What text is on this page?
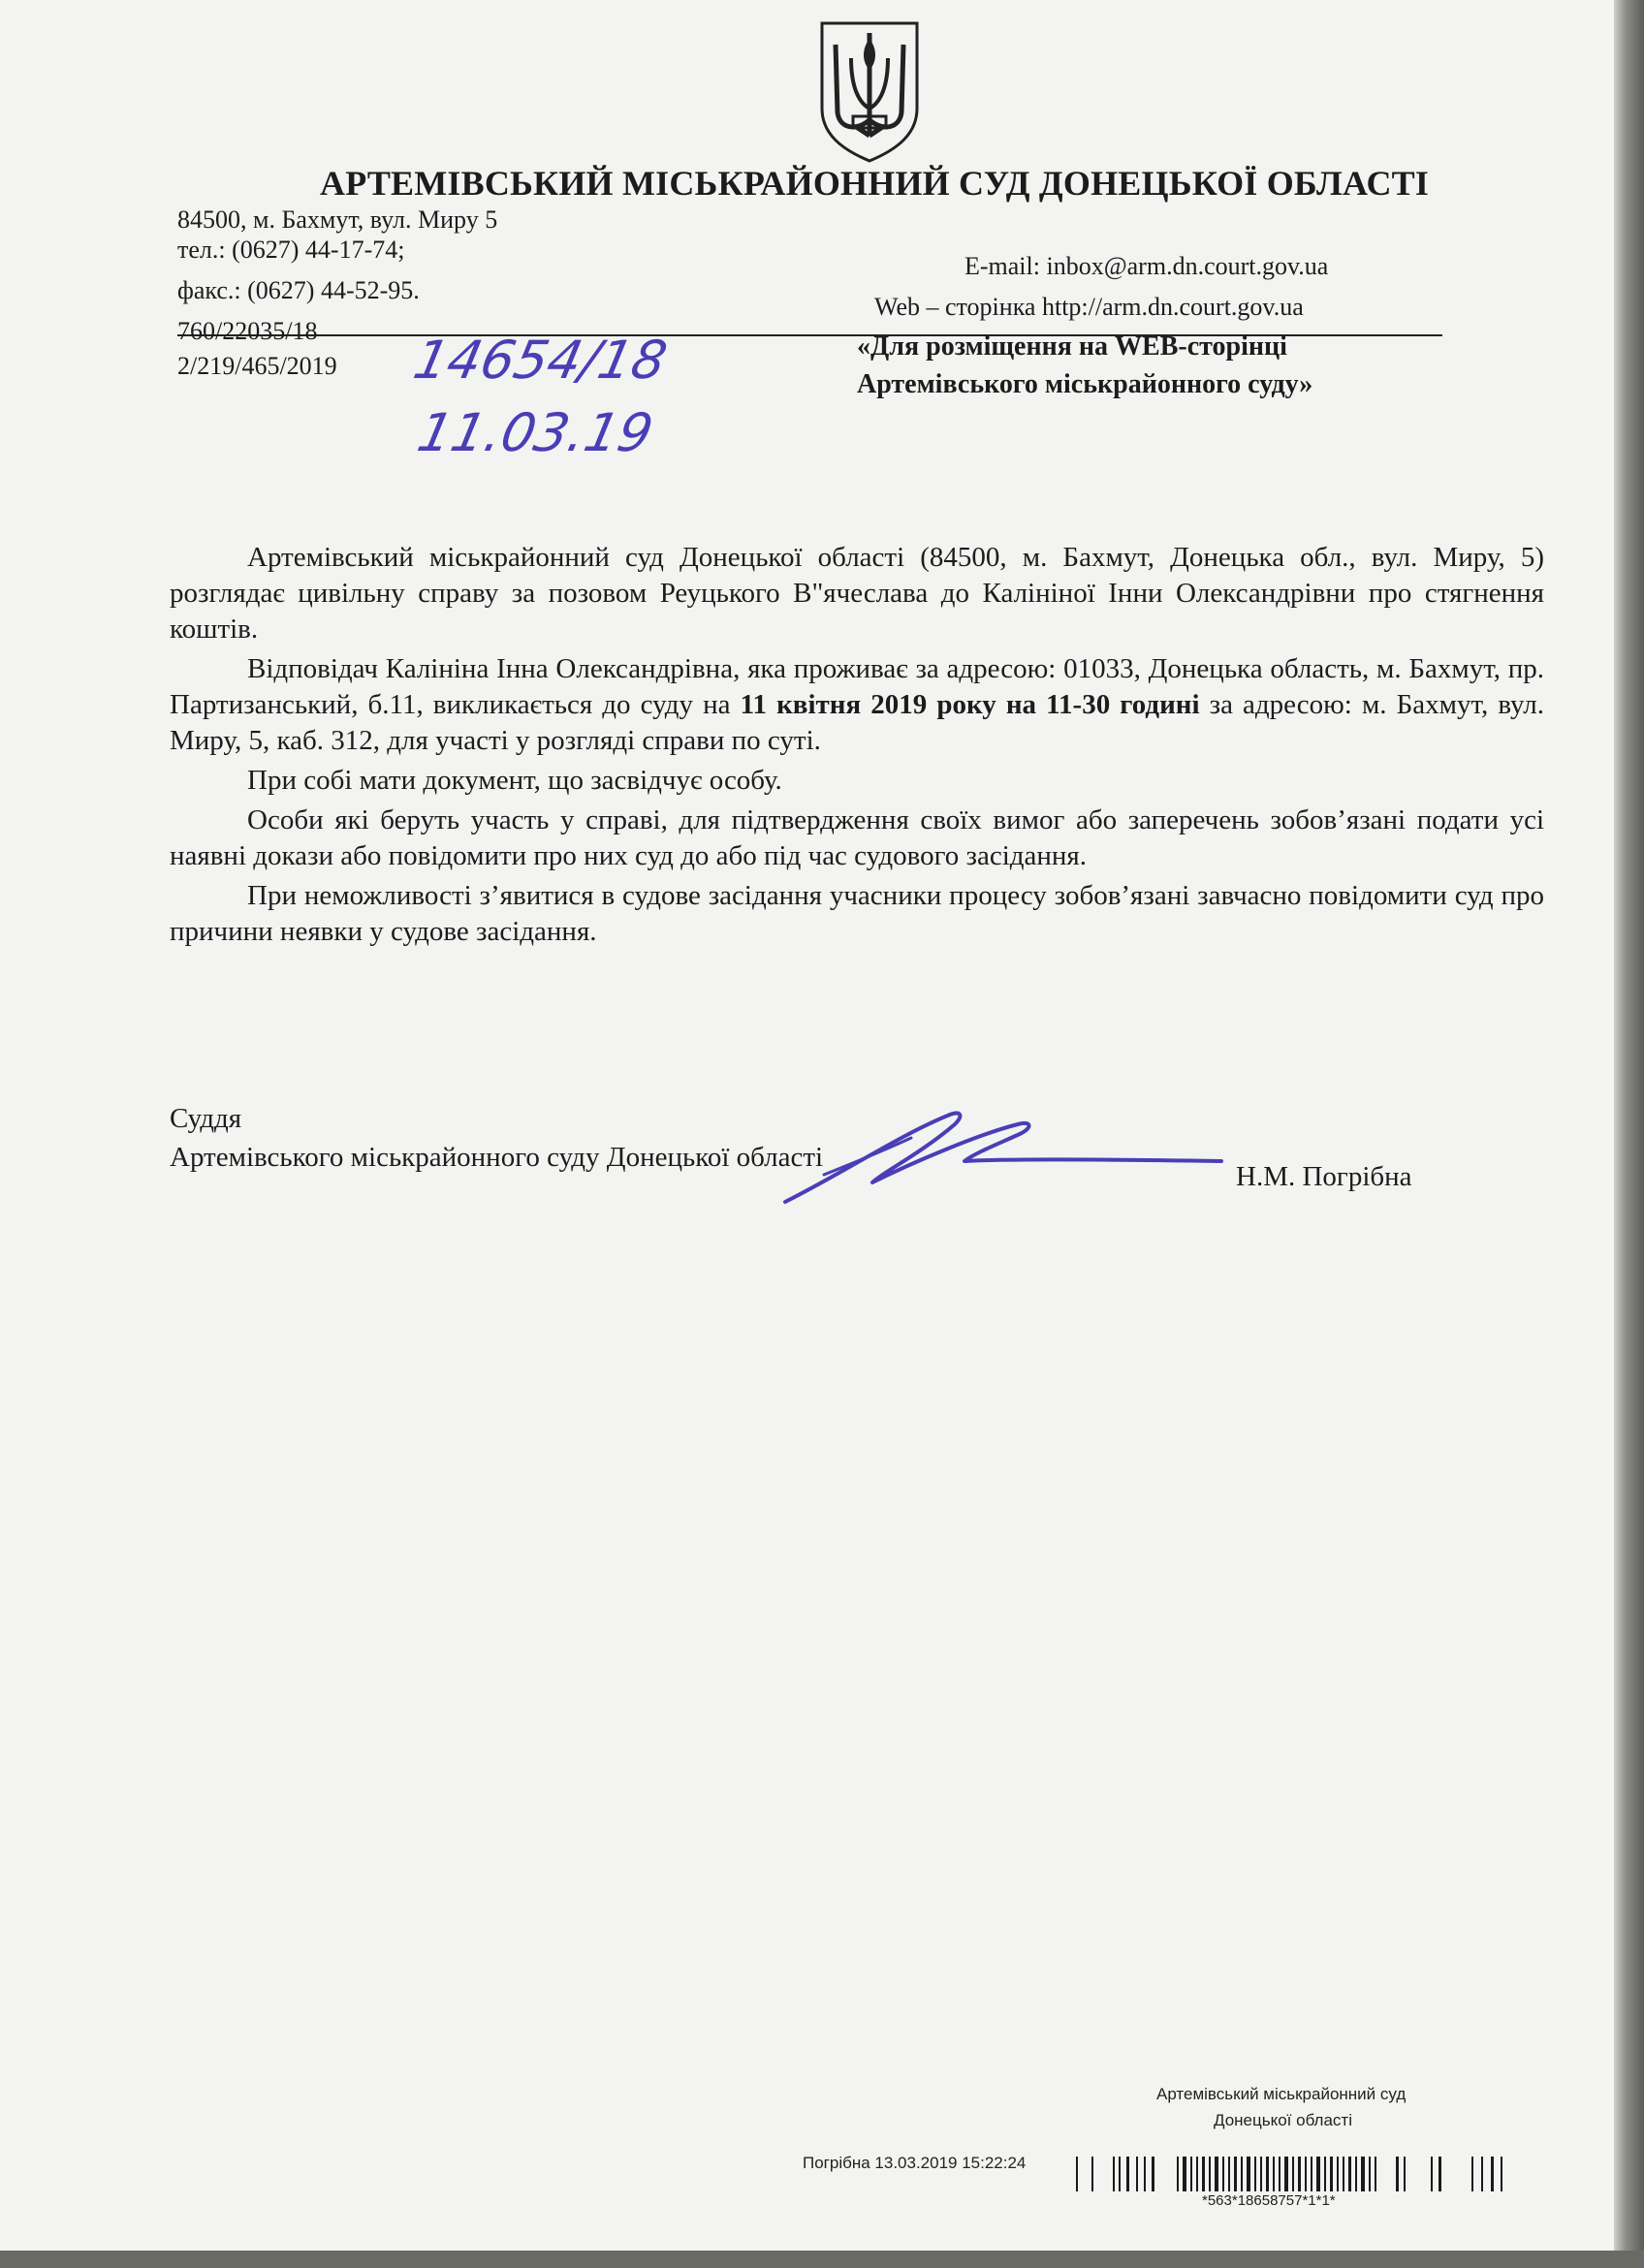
АРТЕМІВСЬКИЙ МІСЬКРАЙОННИЙ СУД ДОНЕЦЬКОЇ ОБЛАСТІ
84500, м. Бахмут, вул. Миру 5
тел.: (0627) 44-17-74;
факс.: (0627) 44-52-95.
E-mail: inbox@arm.dn.court.gov.ua
Web – сторінка http://arm.dn.court.gov.ua
760/22035/18
2/219/465/2019 14654/18
11.03.19
«Для розміщення на WEB-сторінці
Артемівського міськрайонного суду»

Артемівський міськрайонний суд Донецької області (84500, м. Бахмут, Донецька обл., вул. Миру, 5) розглядає цивільну справу за позовом Реуцького В"ячеслава до Калініної Інни Олександрівни про стягнення коштів.

Відповідач Калініна Інна Олександрівна, яка проживає за адресою: 01033, Донецька область, м. Бахмут, пр. Партизанський, б.11, викликається до суду на 11 квітня 2019 року на 11-30 годині за адресою: м. Бахмут, вул. Миру, 5, каб. 312, для участі у розгляді справи по суті.

При собі мати документ, що засвідчує особу.

Особи які беруть участь у справі, для підтвердження своїх вимог або заперечень зобов’язані подати усі наявні докази або повідомити про них суд до або під час судового засідання.

При неможливості з’явитися в судове засідання учасники процесу зобов’язані завчасно повідомити суд про причини неявки у судове засідання.

Суддя
Артемівського міськрайонного суду Донецької області
Н.М. Погрібна
Артемівський міськрайонний суд
Донецької області
Погрібна 13.03.2019 15:22:24
*563*18658757*1*1*
